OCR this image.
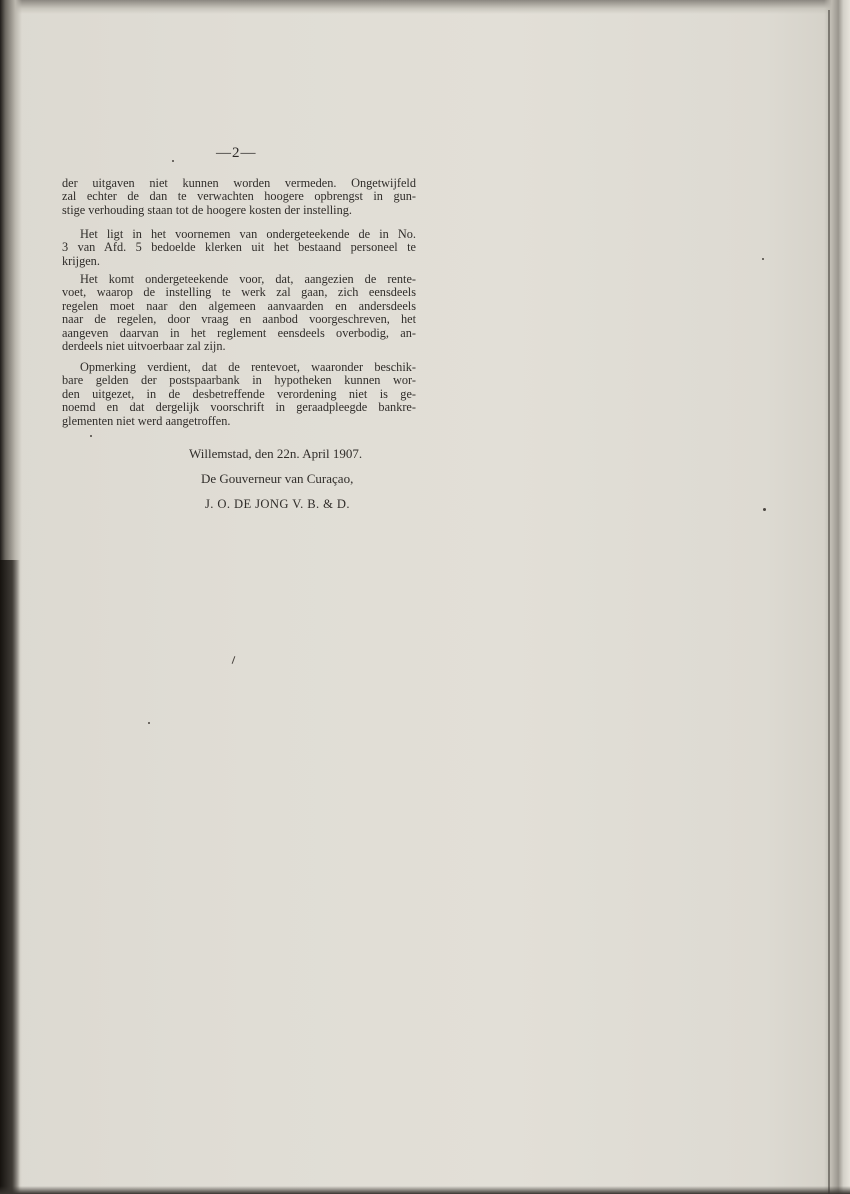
—2—

der uitgaven niet kunnen worden vermeden. Ongetwijfeld
zal echter de dan te verwachten hoogere opbrengst in gun-
stige verhouding staan tot de hoogere kosten der instelling.

Het ligt in het voornemen van ondergeteekende de in No.
3 van Afd. 5 bedoelde klerken uit het bestaand personeel te
krijgen.

Het komt ondergeteekende voor, dat, aangezien de rente-
voet, waarop de instelling te werk zal gaan, zich eensdeels
regelen moet naar den algemeen aanvaarden en andersdeels
naar de regelen, door vraag en aanbod voorgeschreven, het
aangeven daarvan in het reglement eensdeels overbodig, an-
derdeels niet uitvoerbaar zal zijn.

Opmerking verdient, dat de rentevoet, waaronder beschik-
bare gelden der postspaarbank in hypotheken kunnen wor-
den uitgezet, in de desbetreffende verordening niet is ge-
noemd en dat dergelijk voorschrift in geraadpleegde bankre-
glementen niet werd aangetroffen.

Willemstad, den 22n. April 1907.
De Gouverneur van Curaçao,
J. O. DE JONG V. B. & D.
